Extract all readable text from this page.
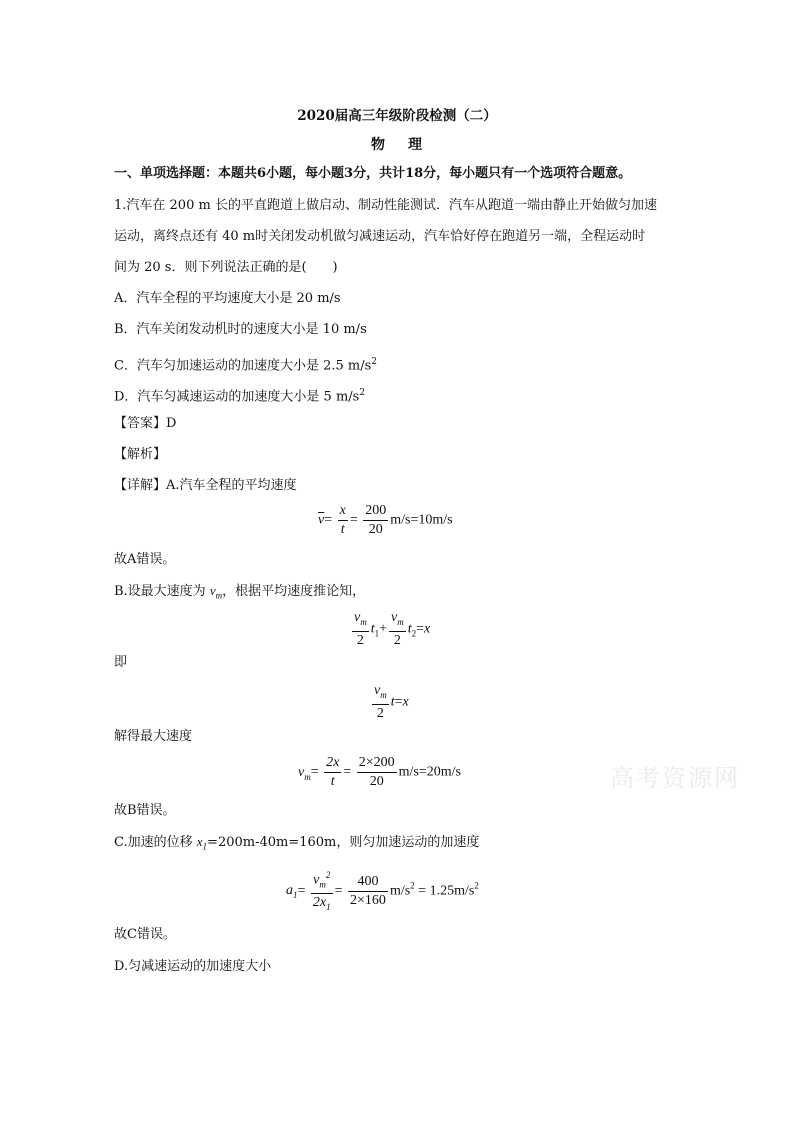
2020届高三年级阶段检测（二）
物 理
一、单项选择题：本题共6小题，每小题3分，共计18分，每小题只有一个选项符合题意。
1.汽车在 200 m 长的平直跑道上做启动、制动性能测试．汽车从跑道一端由静止开始做匀加速
运动，离终点还有 40 m时关闭发动机做匀减速运动，汽车恰好停在跑道另一端，全程运动时
间为 20 s．则下列说法正确的是(　　)
A．汽车全程的平均速度大小是 20 m/s
B．汽车关闭发动机时的速度大小是 10 m/s
C．汽车匀加速运动的加速度大小是 2.5 $m/s^2$
D．汽车匀减速运动的加速度大小是 5 $m/s^2$
【答案】D
【解析】
【详解】A.汽车全程的平均速度
$\overline{v}= \frac{x}{t} = \frac{200}{20} m/s=10m/s$
故A错误。
B.设最大速度为 $v_m$，根据平均速度推论知，
$\frac{v_m}{2} t_1+ \frac{v_m}{2} t_2=x$
即
$\frac{v_m}{2} t=x$
解得最大速度
$v_m= \frac{2x}{t} = \frac{2\times 200}{20} m/s=20m/s$	高考资源网
故B错误。
C.加速的位移 $x_1=200m-40m=160m$，则匀加速运动的加速度
$a_1= \frac{v_m^2}{2x_1} = \frac{400}{2\times 160} m/s^2 = 1.25m/s^2$
故C错误。
D.匀减速运动的加速度大小
